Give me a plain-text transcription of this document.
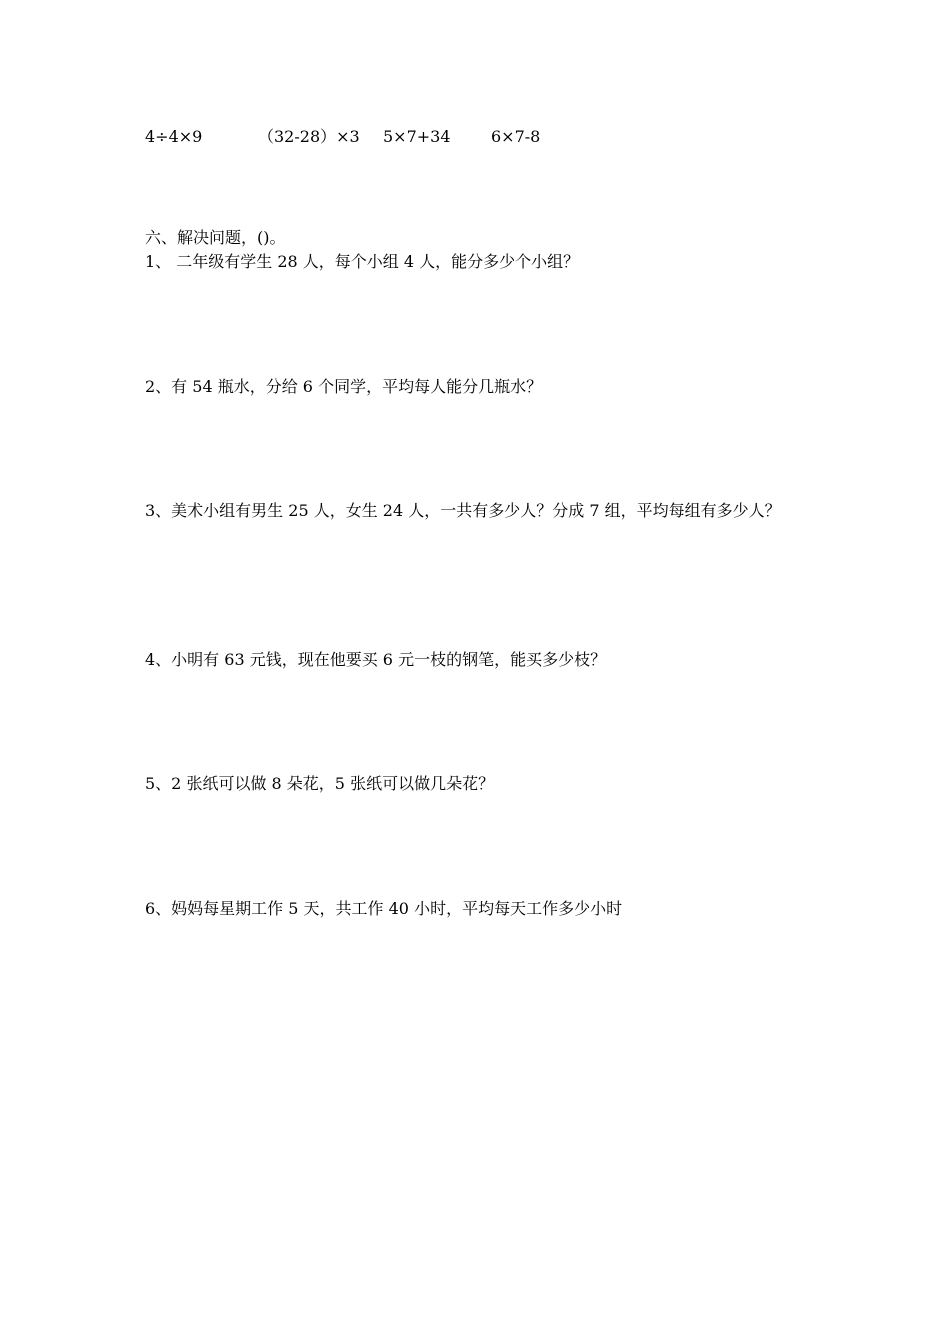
4÷4×9	（32-28）×3 5×7+34	6×7-8
六、解决问题，()。
1、 二年级有学生 28 人，每个小组 4 人，能分多少个小组？
2、有 54 瓶水，分给 6 个同学，平均每人能分几瓶水？
3、美术小组有男生 25 人，女生 24 人，一共有多少人？分成 7 组，平均每组有多少人？
4、小明有 63 元钱，现在他要买 6 元一枝的钢笔，能买多少枝？
5、2 张纸可以做 8 朵花，5 张纸可以做几朵花？
6、妈妈每星期工作 5 天，共工作 40 小时，平均每天工作多少小时
